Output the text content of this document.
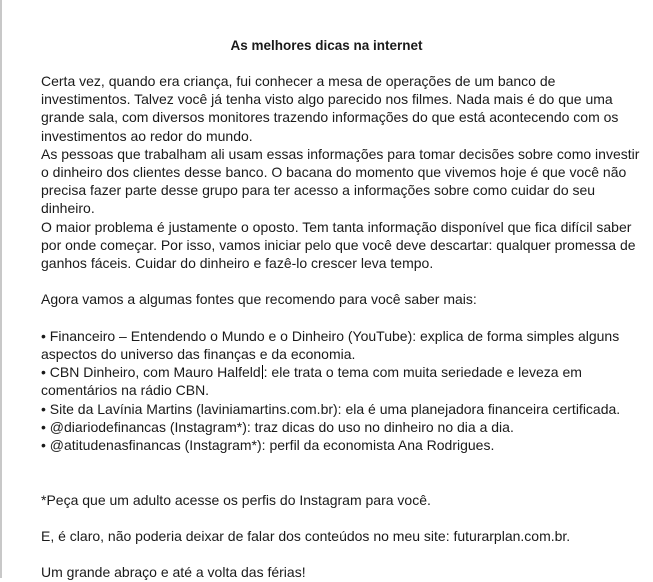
As melhores dicas na internet

Certa vez, quando era criança, fui conhecer a mesa de operações de um banco de investimentos. Talvez você já tenha visto algo parecido nos filmes. Nada mais é do que uma grande sala, com diversos monitores trazendo informações do que está acontecendo com os investimentos ao redor do mundo.

As pessoas que trabalham ali usam essas informações para tomar decisões sobre como investir o dinheiro dos clientes desse banco. O bacana do momento que vivemos hoje é que você não precisa fazer parte desse grupo para ter acesso a informações sobre como cuidar do seu dinheiro.

O maior problema é justamente o oposto. Tem tanta informação disponível que fica difícil saber por onde começar. Por isso, vamos iniciar pelo que você deve descartar: qualquer promessa de ganhos fáceis. Cuidar do dinheiro e fazê-lo crescer leva tempo.

Agora vamos a algumas fontes que recomendo para você saber mais:

• Financeiro – Entendendo o Mundo e o Dinheiro (YouTube): explica de forma simples alguns aspectos do universo das finanças e da economia.

• CBN Dinheiro, com Mauro Halfeld : ele trata o tema com muita seriedade e leveza em comentários na rádio CBN.

• Site da Lavínia Martins (laviniamartins.com.br): ela é uma planejadora financeira certificada.

• @diariodefinancas (Instagram*): traz dicas do uso no dinheiro no dia a dia.

• @atitudenasfinancas (Instagram*): perfil da economista Ana Rodrigues.

*Peça que um adulto acesse os perfis do Instagram para você.

E, é claro, não poderia deixar de falar dos conteúdos no meu site: futurarplan.com.br.

Um grande abraço e até a volta das férias!
